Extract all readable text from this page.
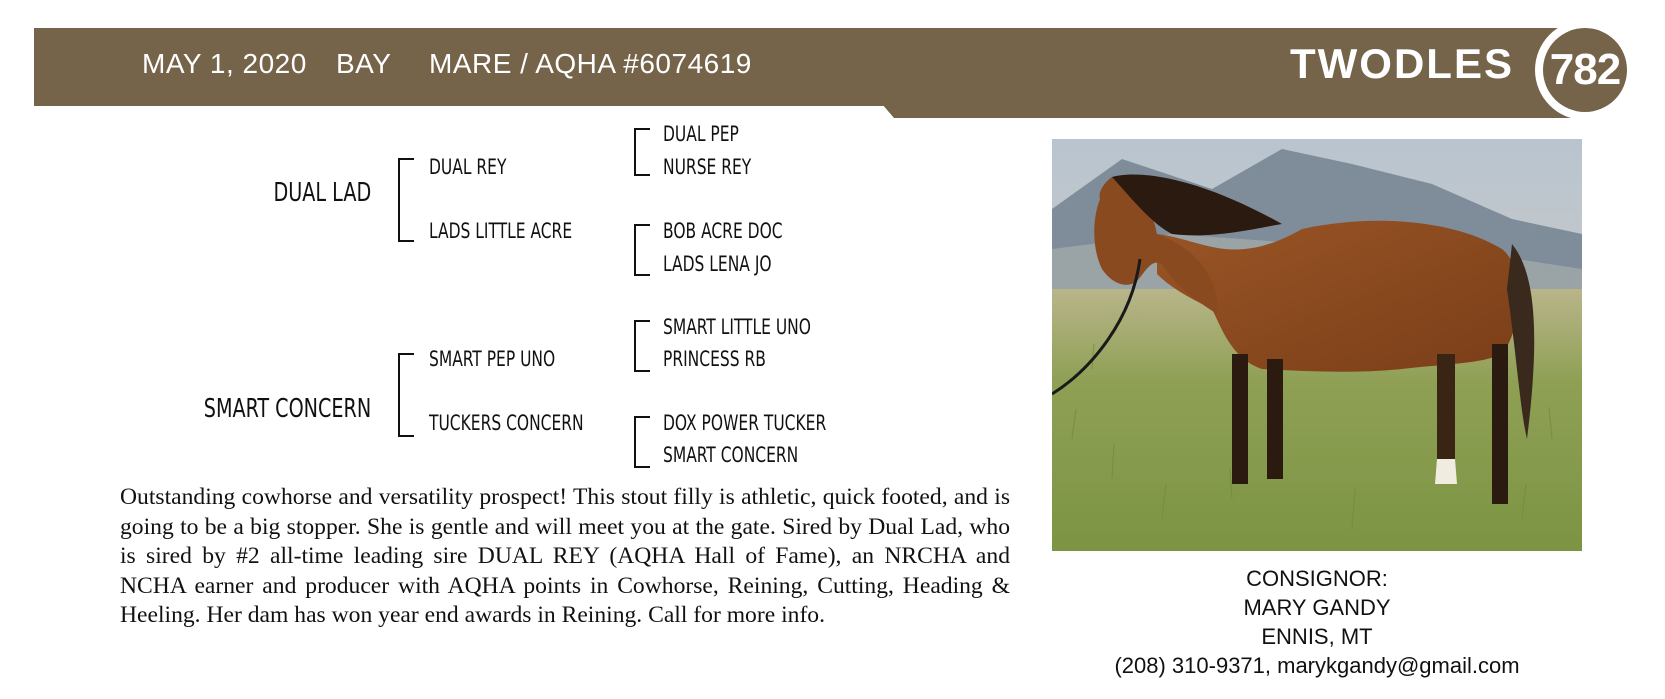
MAY 1, 2020 BAY MARE / AQHA #6074619	TWODLES 782
DUAL LAD
SMART CONCERN
DUAL REY
LADS LITTLE ACRE
SMART PEP UNO
TUCKERS CONCERN
DUAL PEP
NURSE REY
BOB ACRE DOC
LADS LENA JO
SMART LITTLE UNO
PRINCESS RB
DOX POWER TUCKER
SMART CONCERN
Outstanding cowhorse and versatility prospect! This stout filly is athletic, quick footed, and is going to be a big stopper. She is gentle and will meet you at the gate. Sired by Dual Lad, who is sired by #2 all-time leading sire DUAL REY (AQHA Hall of Fame), an NRCHA and NCHA earner and producer with AQHA points in Cowhorse, Reining, Cutting, Heading & Heeling. Her dam has won year end awards in Reining. Call for more info.
CONSIGNOR:
MARY GANDY
ENNIS, MT
(208) 310-9371, marykgandy@gmail.com
